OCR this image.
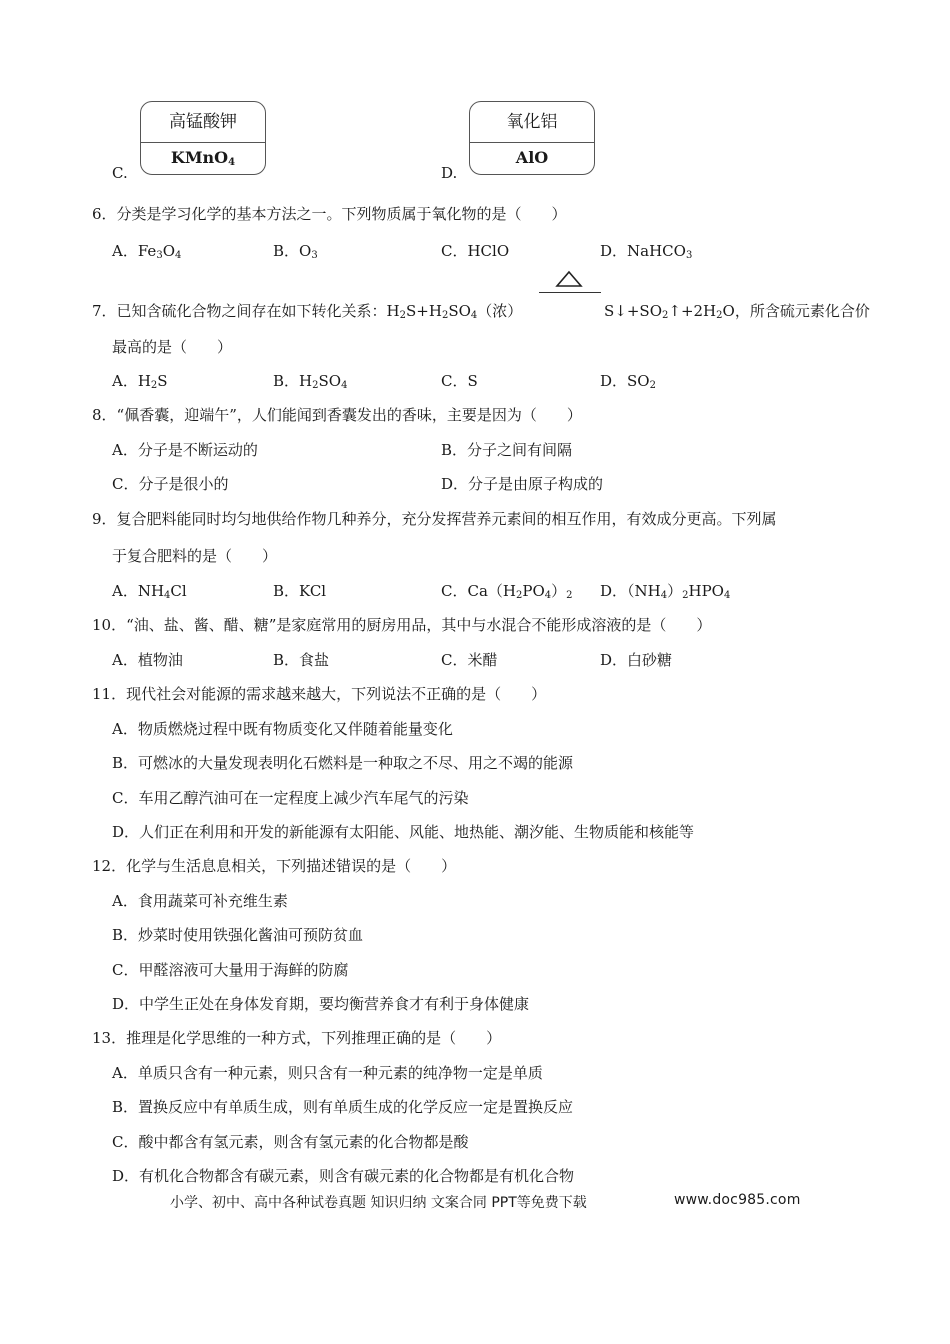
C.
高锰酸钾
KMnO$_4$
D.
氧化铝
AlO
6．分类是学习化学的基本方法之一。下列物质属于氧化物的是（　　）
A．$Fe_3O_4$	B．$O_3$	C．HClO	D．NaHCO$_3$
7．已知含硫化合物之间存在如下转化关系：$H_2S+H_2SO_4$（浓）	$S↓+SO_2↑+2H_2O$，所含硫元素化合价
最高的是（　　）
A．$H_2S$	B．$H_2SO_4$	C．S	D．$SO_2$
8．“佩香囊，迎端午”，人们能闻到香囊发出的香味，主要是因为（　　）
A．分子是不断运动的	B．分子之间有间隔
C．分子是很小的	D．分子是由原子构成的
9．复合肥料能同时均匀地供给作物几种养分，充分发挥营养元素间的相互作用，有效成分更高。下列属
于复合肥料的是（　　）
A．$NH_4Cl$	B．KCl	C．$Ca(H_2PO_4)_2$ D．$(NH_4)_2HPO_4$
10．“油、盐、酱、醋、糖”是家庭常用的厨房用品，其中与水混合不能形成溶液的是（　　）
A．植物油	B．食盐	C．米醋	D．白砂糖
11．现代社会对能源的需求越来越大，下列说法不正确的是（　　）
A．物质燃烧过程中既有物质变化又伴随着能量变化
B．可燃冰的大量发现表明化石燃料是一种取之不尽、用之不竭的能源
C．车用乙醇汽油可在一定程度上减少汽车尾气的污染
D．人们正在利用和开发的新能源有太阳能、风能、地热能、潮汐能、生物质能和核能等
12．化学与生活息息相关，下列描述错误的是（　　）
A．食用蔬菜可补充维生素
B．炒菜时使用铁强化酱油可预防贫血
C．甲醛溶液可大量用于海鲜的防腐
D．中学生正处在身体发育期，要均衡营养食才有利于身体健康
13．推理是化学思维的一种方式，下列推理正确的是（　　）
A．单质只含有一种元素，则只含有一种元素的纯净物一定是单质
B．置换反应中有单质生成，则有单质生成的化学反应一定是置换反应
C．酸中都含有氢元素，则含有氢元素的化合物都是酸
D．有机化合物都含有碳元素，则含有碳元素的化合物都是有机化合物
小学、初中、高中各种试卷真题 知识归纳 文案合同 PPT等免费下载	www.doc985.com
